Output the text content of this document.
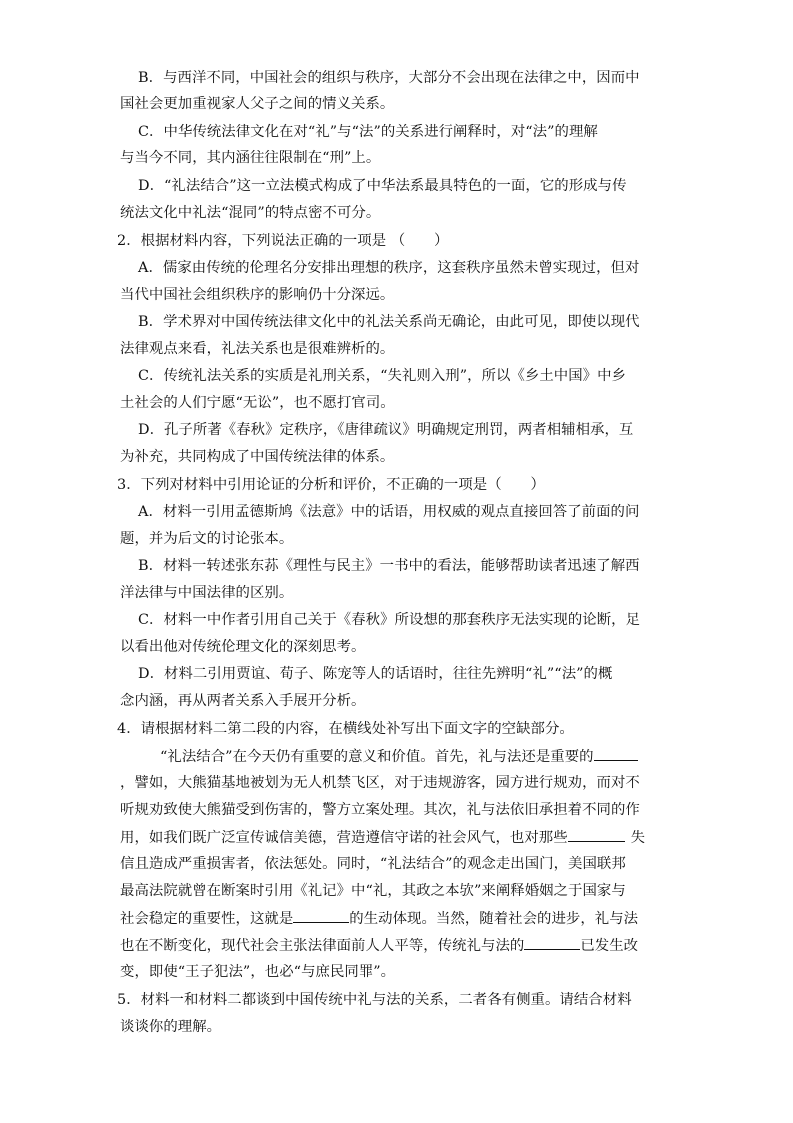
B．与西洋不同，中国社会的组织与秩序，大部分不会出现在法律之中，因而中
国社会更加重视家人父子之间的情义关系。
C．中华传统法律文化在对“礼”与“法”的关系进行阐释时，对“法”的理解
与当今不同，其内涵往往限制在“刑”上。
D．“礼法结合”这一立法模式构成了中华法系最具特色的一面，它的形成与传
统法文化中礼法“混同”的特点密不可分。
2．根据材料内容，下列说法正确的一项是 （　　）
A．儒家由传统的伦理名分安排出理想的秩序，这套秩序虽然未曾实现过，但对
当代中国社会组织秩序的影响仍十分深远。
B．学术界对中国传统法律文化中的礼法关系尚无确论，由此可见，即使以现代
法律观点来看，礼法关系也是很难辨析的。
C．传统礼法关系的实质是礼刑关系，“失礼则入刑”，所以《乡土中国》中乡
土社会的人们宁愿“无讼”，也不愿打官司。
D．孔子所著《春秋》定秩序，《唐律疏议》明确规定刑罚，两者相辅相承，互
为补充，共同构成了中国传统法律的体系。
3．下列对材料中引用论证的分析和评价，不正确的一项是（　　）
A．材料一引用孟德斯鸠《法意》中的话语，用权威的观点直接回答了前面的问
题，并为后文的讨论张本。
B．材料一转述张东荪《理性与民主》一书中的看法，能够帮助读者迅速了解西
洋法律与中国法律的区别。
C．材料一中作者引用自己关于《春秋》所设想的那套秩序无法实现的论断，足
以看出他对传统伦理文化的深刻思考。
D．材料二引用贾谊、荀子、陈宠等人的话语时，往往先辨明“礼”“法”的概
念内涵，再从两者关系入手展开分析。
4．请根据材料二第二段的内容，在横线处补写出下面文字的空缺部分。
“礼法结合”在今天仍有重要的意义和价值。首先，礼与法还是重要的
，譬如，大熊猫基地被划为无人机禁飞区，对于违规游客，园方进行规劝，而对不
听规劝致使大熊猫受到伤害的，警方立案处理。其次，礼与法依旧承担着不同的作
用，如我们既广泛宣传诚信美德，营造遵信守诺的社会风气，也对那些	失
信且造成严重损害者，依法惩处。同时，“礼法结合”的观念走出国门，美国联邦
最高法院就曾在断案时引用《礼记》中“礼，其政之本欤”来阐释婚姻之于国家与
社会稳定的重要性，这就是	的生动体现。当然，随着社会的进步，礼与法
也在不断变化，现代社会主张法律面前人人平等，传统礼与法的	已发生改
变，即使“王子犯法”，也必“与庶民同罪”。
5．材料一和材料二都谈到中国传统中礼与法的关系，二者各有侧重。请结合材料
谈谈你的理解。
